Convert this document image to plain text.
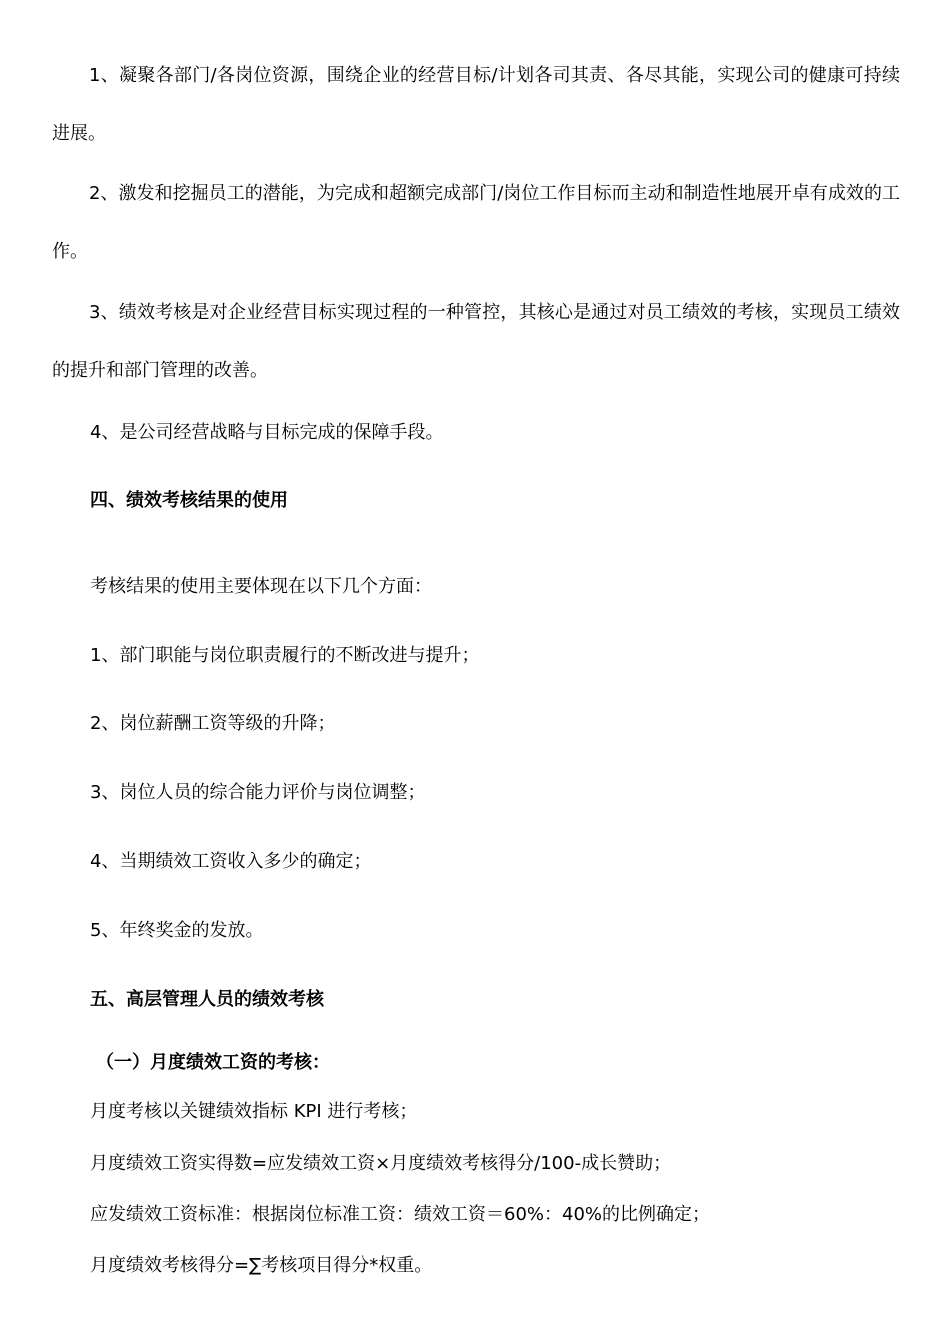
1、凝聚各部门/各岗位资源，围绕企业的经营目标/计划各司其责、各尽其能，实现公司的健康可持续进展。

2、激发和挖掘员工的潜能，为完成和超额完成部门/岗位工作目标而主动和制造性地展开卓有成效的工作。

3、绩效考核是对企业经营目标实现过程的一种管控，其核心是通过对员工绩效的考核，实现员工绩效的提升和部门管理的改善。

4、是公司经营战略与目标完成的保障手段。

四、绩效考核结果的使用

考核结果的使用主要体现在以下几个方面：

1、部门职能与岗位职责履行的不断改进与提升；

2、岗位薪酬工资等级的升降；

3、岗位人员的综合能力评价与岗位调整；

4、当期绩效工资收入多少的确定；

5、年终奖金的发放。

五、高层管理人员的绩效考核

（一）月度绩效工资的考核：

月度考核以关键绩效指标 KPI 进行考核；

月度绩效工资实得数=应发绩效工资×月度绩效考核得分/100-成长赞助；

应发绩效工资标准：根据岗位标准工资：绩效工资＝60%：40%的比例确定；

月度绩效考核得分=∑考核项目得分*权重。
